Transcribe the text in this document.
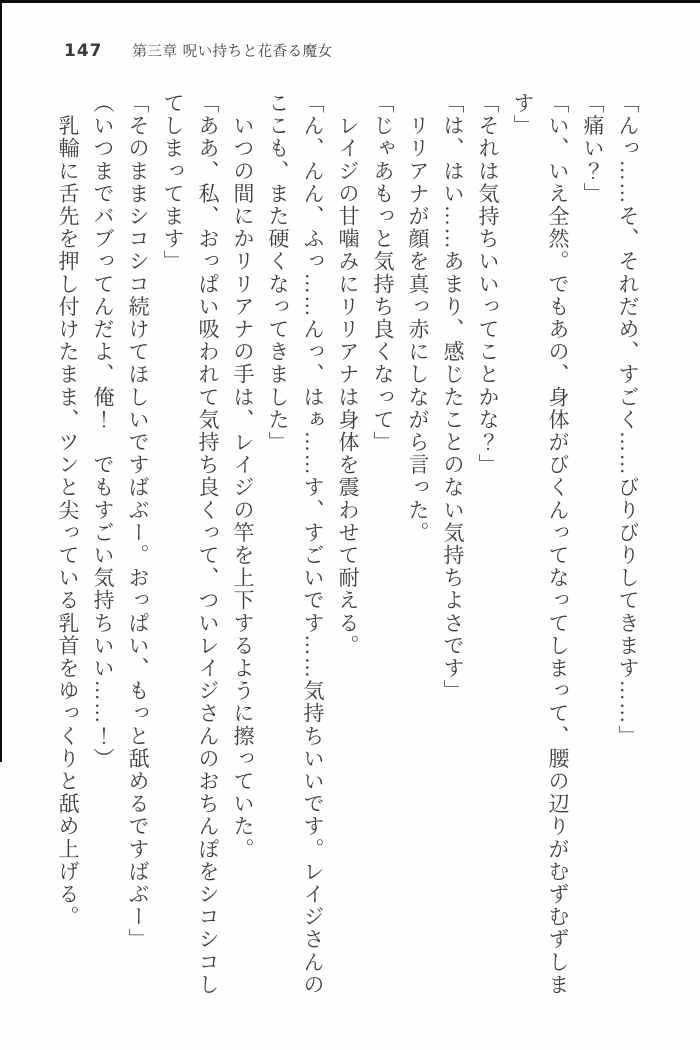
147 第三章 呪い持ちと花香る魔女

「んっ……そ、それだめ、すごく……びりびりしてきます……」

「痛い？」

「い、いえ全然。でもあの、身体がびくんってなってしまって、腰の辺りがむずむずします」

「それは気持ちいいってことかな？」

「は、はい……あまり、感じたことのない気持ちよさです」

　リリアナが顔を真っ赤にしながら言った。

「じゃあもっと気持ち良くなって」

　レイジの甘噛みにリリアナは身体を震わせて耐える。

「ん、んん、ふっ……んっ、はぁ……す、すごいです……気持ちいいです。レイジさんのここも、また硬くなってきました」

　いつの間にかリリアナの手は、レイジの竿を上下するように擦っていた。

「ああ、私、おっぱい吸われて気持ち良くって、ついレイジさんのおちんぽをシコシコしてしまってます」

「そのままシコシコ続けてほしいですばぶー。おっぱい、もっと舐めるですばぶー」

（いつまでバブってんだよ、俺！　でもすごい気持ちいい……！）

　乳輪に舌先を押し付けたまま、ツンと尖っている乳首をゆっくりと舐め上げる。
